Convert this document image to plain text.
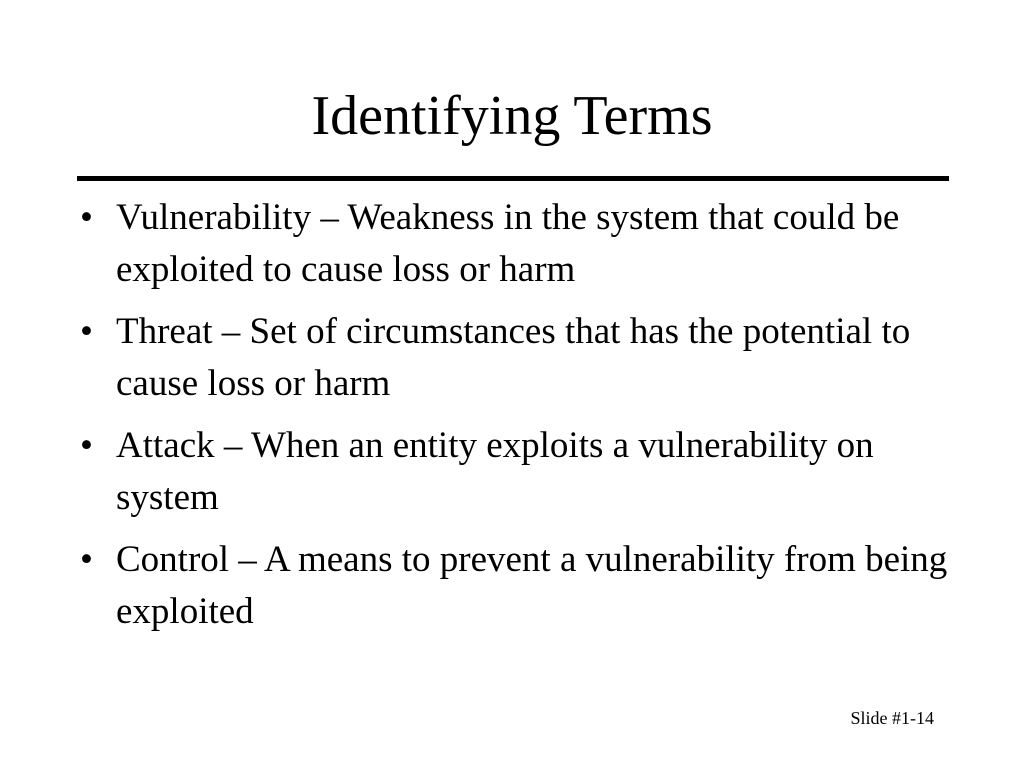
Identifying Terms
• Vulnerability – Weakness in the system that could be exploited to cause loss or harm
• Threat – Set of circumstances that has the potential to cause loss or harm
• Attack – When an entity exploits a vulnerability on system
• Control – A means to prevent a vulnerability from being exploited
Slide #1-14
